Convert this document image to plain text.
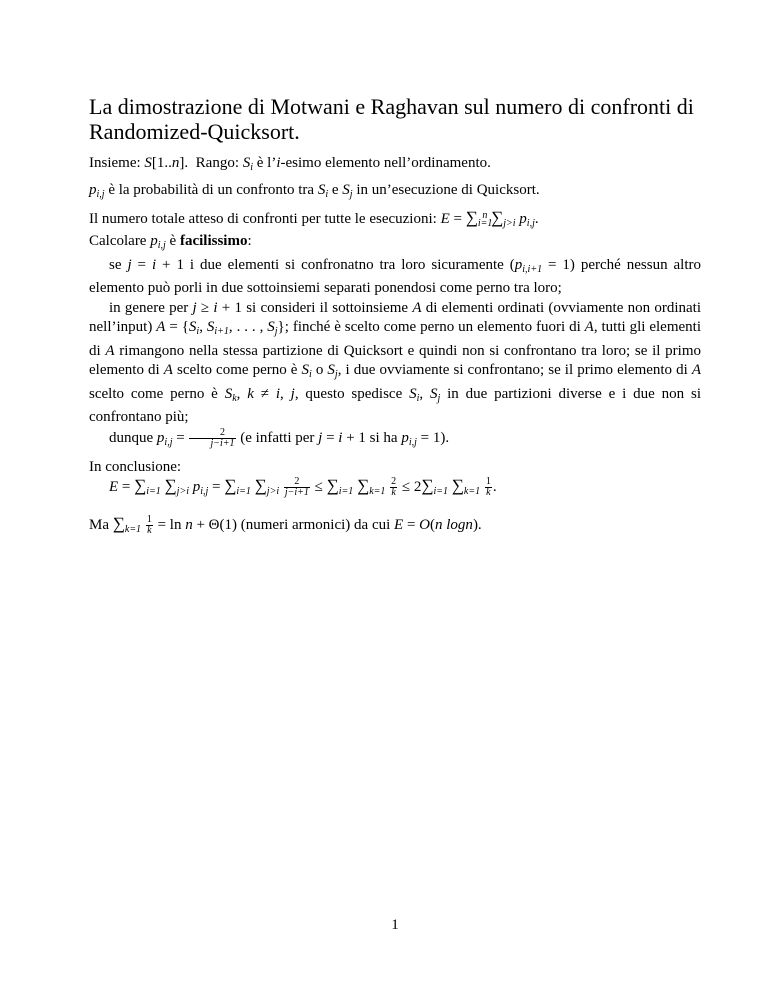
La dimostrazione di Motwani e Raghavan sul numero di confronti di Randomized-Quicksort.
Insieme: S[1..n].  Rango: $S_i$ è l’i-esimo elemento nell’ordinamento.
$p_{i,j}$ è la probabilità di un confronto tra $S_i$ e $S_j$ in un’esecuzione di Quicksort.
Il numero totale atteso di confronti per tutte le esecuzioni: $E = \sum_{i=1}^n$ $\sum_{j>i}$ $p_{i,j}$.
Calcolare $p_{i,j}$ è facilissimo:

se j = i + 1 i due elementi si confronatno tra loro sicuramente $(p_{i,i+1} = 1)$ perché nessun altro elemento può porli in due sottoinsiemi separati ponendosi come perno tra loro;

in genere per j ≥ i + 1 si consideri il sottoinsieme A di elementi ordinati (ovviamente non ordinati nell’input) $A = \{S_i$, $S_{i+1}$, . . . , $S_j$}; finché è scelto come perno un elemento fuori di A, tutti gli elementi di A rimangono nella stessa partizione di Quicksort e quindi non si confrontano tra loro; se il primo elemento di A scelto come perno è $S_i$ o $S_j$, i due ovviamente si confrontano; se il primo elemento di A scelto come perno è $S_k$, k ≠ i, j, questo spedisce $S_i$, $S_j$ in due partizioni diverse e i due non si confrontano più;

dunque $p_{i,j} = \frac{2}{j-i+1} (e$ infatti per j = i + 1 si ha $p_{i,j} = 1$).

In conclusione:
$E = \sum_{i=1}$ $\sum_{j>i}$ $p_{i,j} = \sum_{i=1}$ $\sum_{j>i} \frac{2}{j-i+1} \le \sum_{i=1}$ $\sum_{k=1} \frac{2}{k} \le 2\sum_{i=1}$ $\sum_{k=1} \frac{1}{k}$ .
Ma $\sum_{k=1} \frac{1}{k} = \ln n + \Theta(1)$ (numeri armonici) da cui E = O(n logn).
1
